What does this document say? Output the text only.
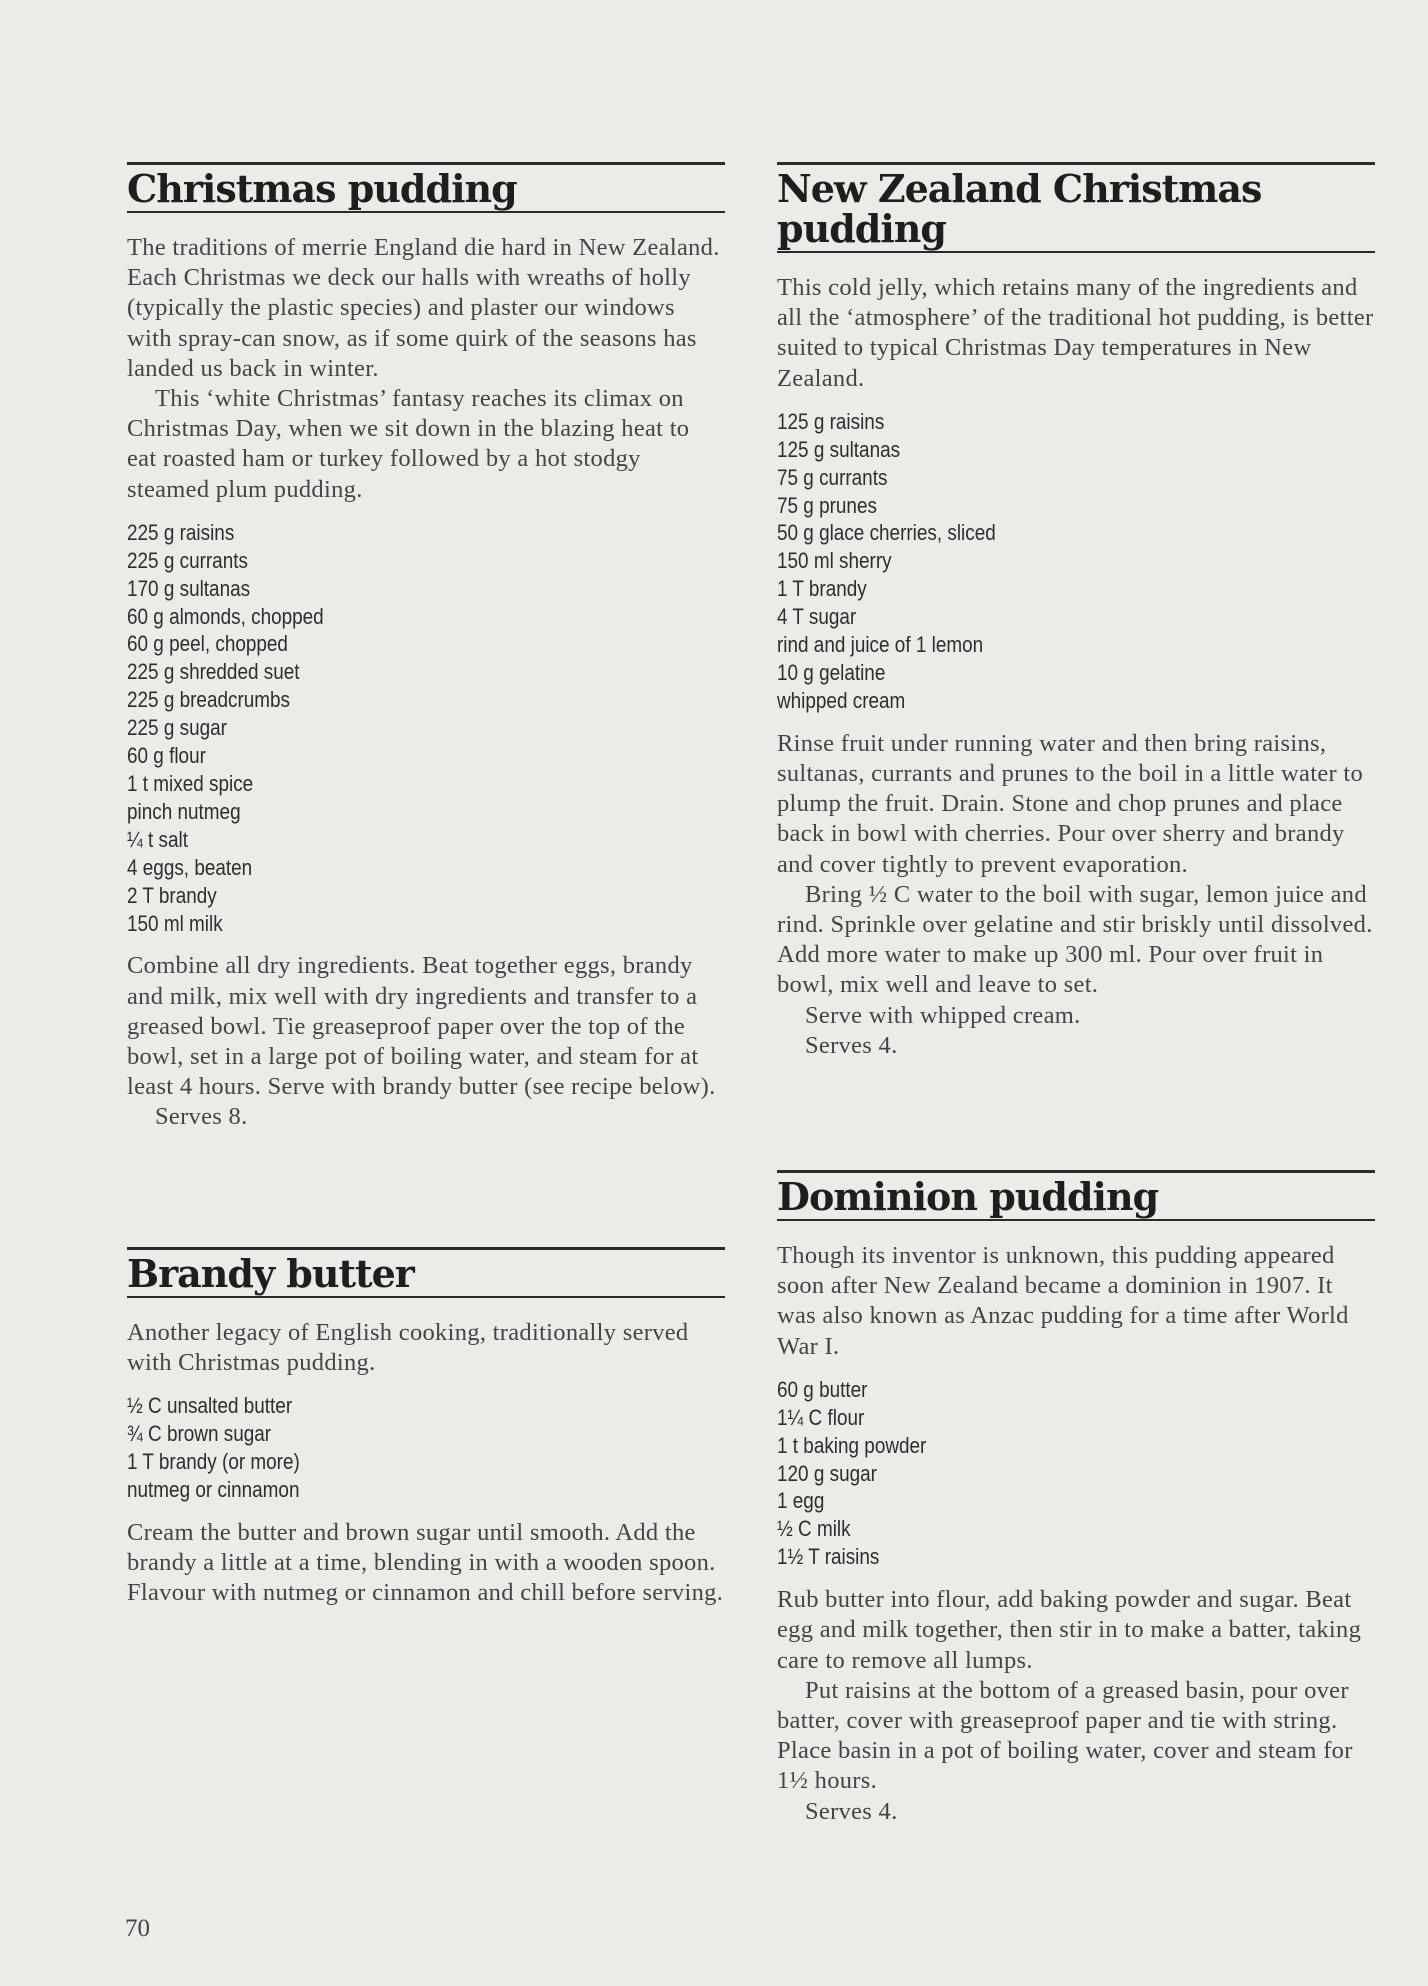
Christmas pudding

The traditions of merrie England die hard in New Zealand. Each Christmas we deck our halls with wreaths of holly (typically the plastic species) and plaster our windows with spray-can snow, as if some quirk of the seasons has landed us back in winter.

This ‘white Christmas’ fantasy reaches its climax on Christmas Day, when we sit down in the blazing heat to eat roasted ham or turkey followed by a hot stodgy steamed plum pudding.

225 g raisins
225 g currants
170 g sultanas
60 g almonds, chopped
60 g peel, chopped
225 g shredded suet
225 g breadcrumbs
225 g sugar
60 g flour
1 t mixed spice
pinch nutmeg
¼ t salt
4 eggs, beaten
2 T brandy
150 ml milk

Combine all dry ingredients. Beat together eggs, brandy and milk, mix well with dry ingredients and transfer to a greased bowl. Tie greaseproof paper over the top of the bowl, set in a large pot of boiling water, and steam for at least 4 hours. Serve with brandy butter (see recipe below).

Serves 8.

Brandy butter

Another legacy of English cooking, traditionally served with Christmas pudding.

½ C unsalted butter
¾ C brown sugar
1 T brandy (or more)
nutmeg or cinnamon

Cream the butter and brown sugar until smooth. Add the brandy a little at a time, blending in with a wooden spoon. Flavour with nutmeg or cinnamon and chill before serving.

New Zealand Christmas pudding

This cold jelly, which retains many of the ingredients and all the ‘atmosphere’ of the traditional hot pudding, is better suited to typical Christmas Day temperatures in New Zealand.

125 g raisins
125 g sultanas
75 g currants
75 g prunes
50 g glace cherries, sliced
150 ml sherry
1 T brandy
4 T sugar
rind and juice of 1 lemon
10 g gelatine
whipped cream

Rinse fruit under running water and then bring raisins, sultanas, currants and prunes to the boil in a little water to plump the fruit. Drain. Stone and chop prunes and place back in bowl with cherries. Pour over sherry and brandy and cover tightly to prevent evaporation.

Bring ½ C water to the boil with sugar, lemon juice and rind. Sprinkle over gelatine and stir briskly until dissolved. Add more water to make up 300 ml. Pour over fruit in bowl, mix well and leave to set.

Serve with whipped cream.

Serves 4.

Dominion pudding

Though its inventor is unknown, this pudding appeared soon after New Zealand became a dominion in 1907. It was also known as Anzac pudding for a time after World War I.

60 g butter
1¼ C flour
1 t baking powder
120 g sugar
1 egg
½ C milk
1½ T raisins

Rub butter into flour, add baking powder and sugar. Beat egg and milk together, then stir in to make a batter, taking care to remove all lumps.

Put raisins at the bottom of a greased basin, pour over batter, cover with greaseproof paper and tie with string. Place basin in a pot of boiling water, cover and steam for 1½ hours.

Serves 4.

70
